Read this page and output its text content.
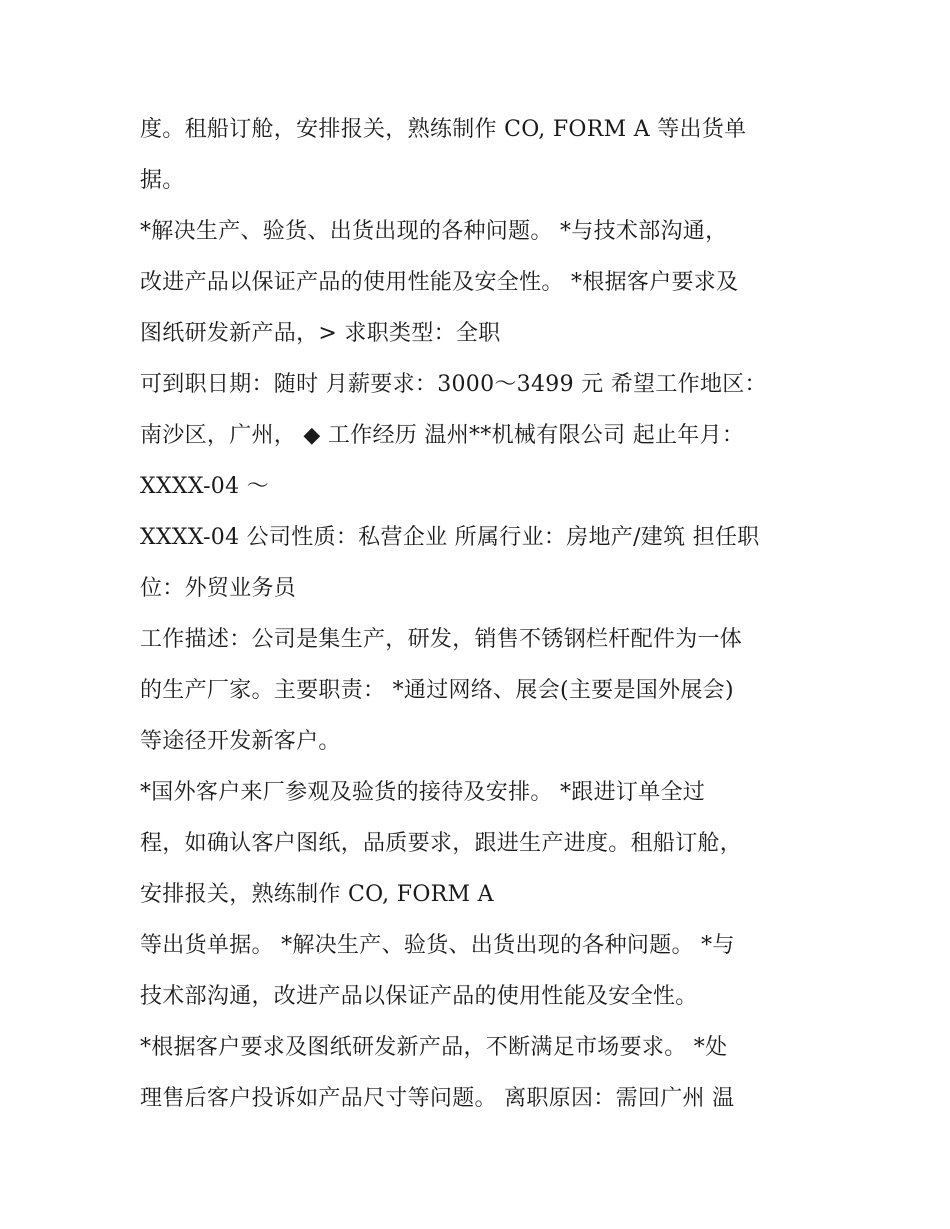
度。租船订舱，安排报关，熟练制作 CO, FORM A 等出货单
据。
*解决生产、验货、出货出现的各种问题。 *与技术部沟通，
改进产品以保证产品的使用性能及安全性。 *根据客户要求及
图纸研发新产品，> 求职类型：全职
可到职日期：随时 月薪要求：3000～3499 元 希望工作地区：
南沙区，广州， ◆ 工作经历 温州**机械有限公司 起止年月：
XXXX-04 ～
XXXX-04 公司性质：私营企业 所属行业：房地产/建筑 担任职
位：外贸业务员
工作描述：公司是集生产，研发，销售不锈钢栏杆配件为一体
的生产厂家。主要职责： *通过网络、展会(主要是国外展会)
等途径开发新客户。
*国外客户来厂参观及验货的接待及安排。 *跟进订单全过
程，如确认客户图纸，品质要求，跟进生产进度。租船订舱，
安排报关，熟练制作 CO, FORM A
等出货单据。 *解决生产、验货、出货出现的各种问题。 *与
技术部沟通，改进产品以保证产品的使用性能及安全性。
*根据客户要求及图纸研发新产品，不断满足市场要求。 *处
理售后客户投诉如产品尺寸等问题。 离职原因：需回广州 温
